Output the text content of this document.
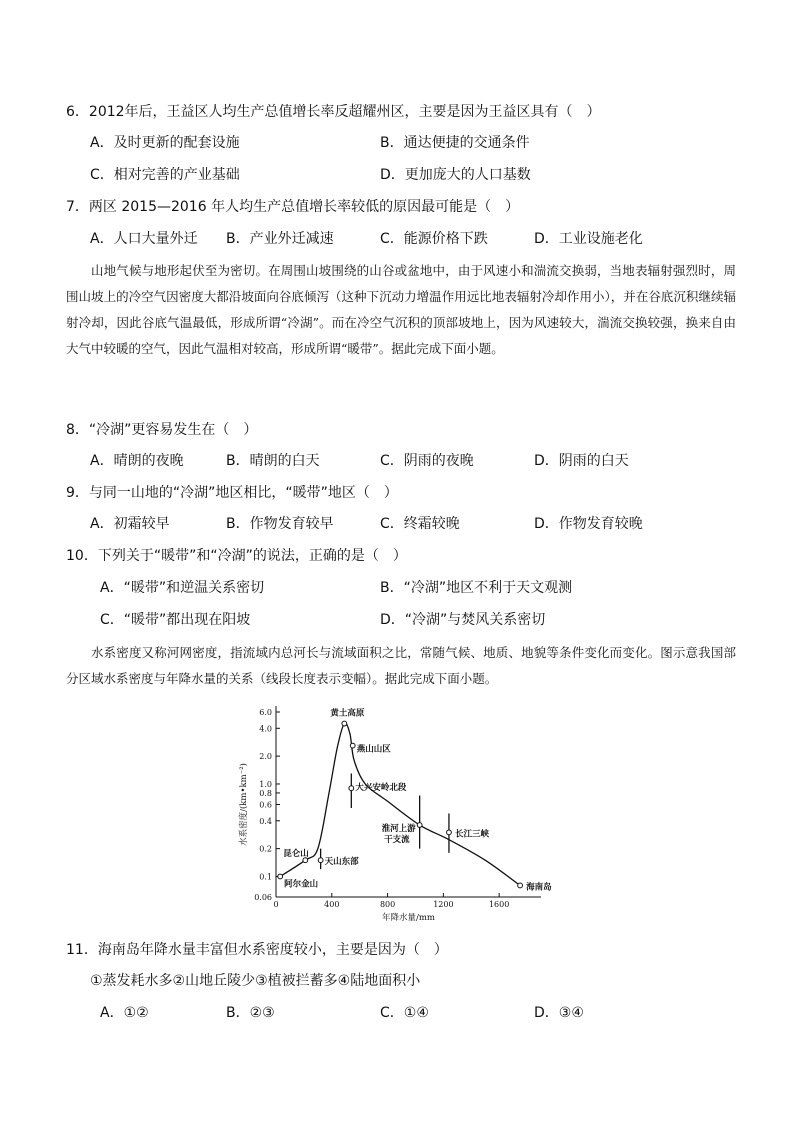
6．2012年后，王益区人均生产总值增长率反超耀州区，主要是因为王益区具有（　）
A．及时更新的配套设施	B．通达便捷的交通条件
C．相对完善的产业基础	D．更加庞大的人口基数
7．两区 2015—2016 年人均生产总值增长率较低的原因最可能是（　）
A．人口大量外迁 B．产业外迁减速	C．能源价格下跌	D．工业设施老化
山地气候与地形起伏至为密切。在周围山坡围绕的山谷或盆地中，由于风速小和湍流交换弱，当地表辐射强烈时，周围山坡上的冷空气因密度大都沿坡面向谷底倾泻（这种下沉动力增温作用远比地表辐射冷却作用小），并在谷底沉积继续辐射冷却，因此谷底气温最低，形成所谓“冷湖”。而在冷空气沉积的顶部坡地上，因为风速较大，湍流交换较强，换来自由大气中较暖的空气，因此气温相对较高，形成所谓“暖带”。据此完成下面小题。
8．“冷湖”更容易发生在（　）
A．晴朗的夜晚	B．晴朗的白天	C．阴雨的夜晚	D．阴雨的白天
9．与同一山地的“冷湖”地区相比，“暖带”地区（　）
A．初霜较早	B．作物发育较早	C．终霜较晚	D．作物发育较晚
10．下列关于“暖带”和“冷湖”的说法，正确的是（　）
A．“暖带”和逆温关系密切	B．“冷湖”地区不利于天文观测
C．“暖带”都出现在阳坡	D．“冷湖”与焚风关系密切
水系密度又称河网密度，指流域内总河长与流域面积之比，常随气候、地质、地貌等条件变化而变化。图示意我国部分区域水系密度与年降水量的关系（线段长度表示变幅）。据此完成下面小题。
0.06
0.1
0.2
0.4
0.6
0.8
1.0
2.0
4.0
6.0
0	400	800	1200	1600
年降水量/mm
水系密度/(km•km⁻²)
阿尔金山
昆仑山
天山东部
黄土高原
燕山山区
大兴安岭北段
淮河上游
干支流
长江三峡
海南岛
11．海南岛年降水量丰富但水系密度较小，主要是因为（　）
①蒸发耗水多②山地丘陵少③植被拦蓄多④陆地面积小
A．①②	B．②③	C．①④	D．③④
